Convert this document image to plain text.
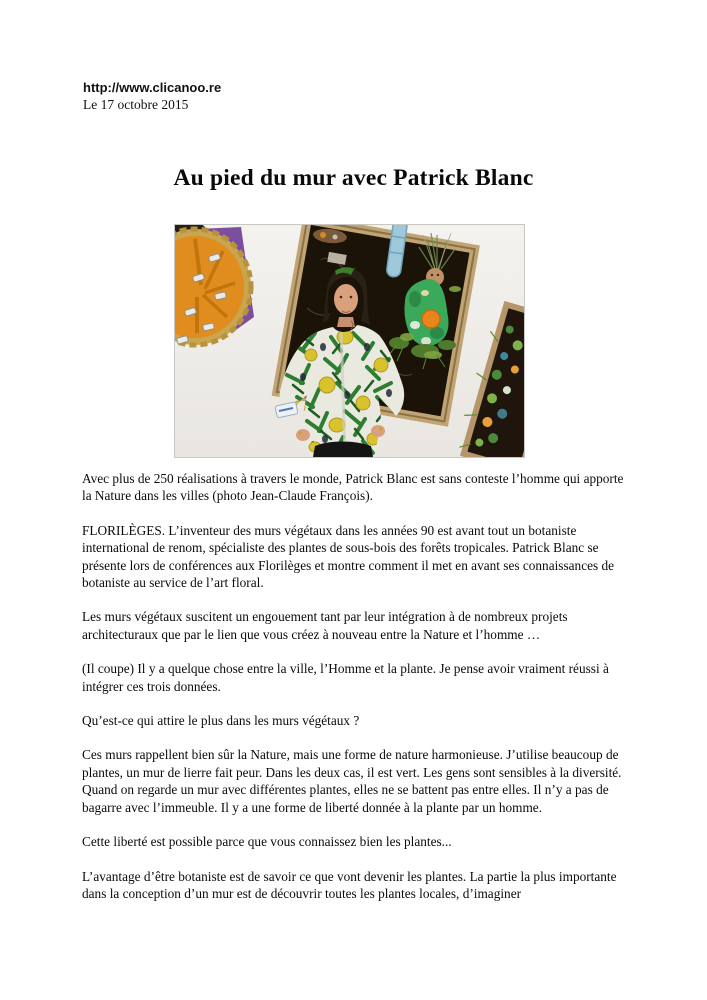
http://www.clicanoo.re
Le 17 octobre 2015
Au pied du mur avec Patrick Blanc

Avec plus de 250 réalisations à travers le monde, Patrick Blanc est sans conteste l’homme qui apporte la Nature dans les villes (photo Jean-Claude François).

FLORILÈGES. L’inventeur des murs végétaux dans les années 90 est avant tout un botaniste international de renom, spécialiste des plantes de sous-bois des forêts tropicales. Patrick Blanc se présente lors de conférences aux Florilèges et montre comment il met en avant ses connaissances de botaniste au service de l’art floral.

Les murs végétaux suscitent un engouement tant par leur intégration à de nombreux projets architecturaux que par le lien que vous créez à nouveau entre la Nature et l’homme …

(Il coupe) Il y a quelque chose entre la ville, l’Homme et la plante. Je pense avoir vraiment réussi à intégrer ces trois données.

Qu’est-ce qui attire le plus dans les murs végétaux ?

Ces murs rappellent bien sûr la Nature, mais une forme de nature harmonieuse. J’utilise beaucoup de plantes, un mur de lierre fait peur. Dans les deux cas, il est vert. Les gens sont sensibles à la diversité. Quand on regarde un mur avec différentes plantes, elles ne se battent pas entre elles. Il n’y a pas de bagarre avec l’immeuble. Il y a une forme de liberté donnée à la plante par un homme.

Cette liberté est possible parce que vous connaissez bien les plantes...

L’avantage d’être botaniste est de savoir ce que vont devenir les plantes. La partie la plus importante dans la conception d’un mur est de découvrir toutes les plantes locales, d’imaginer
